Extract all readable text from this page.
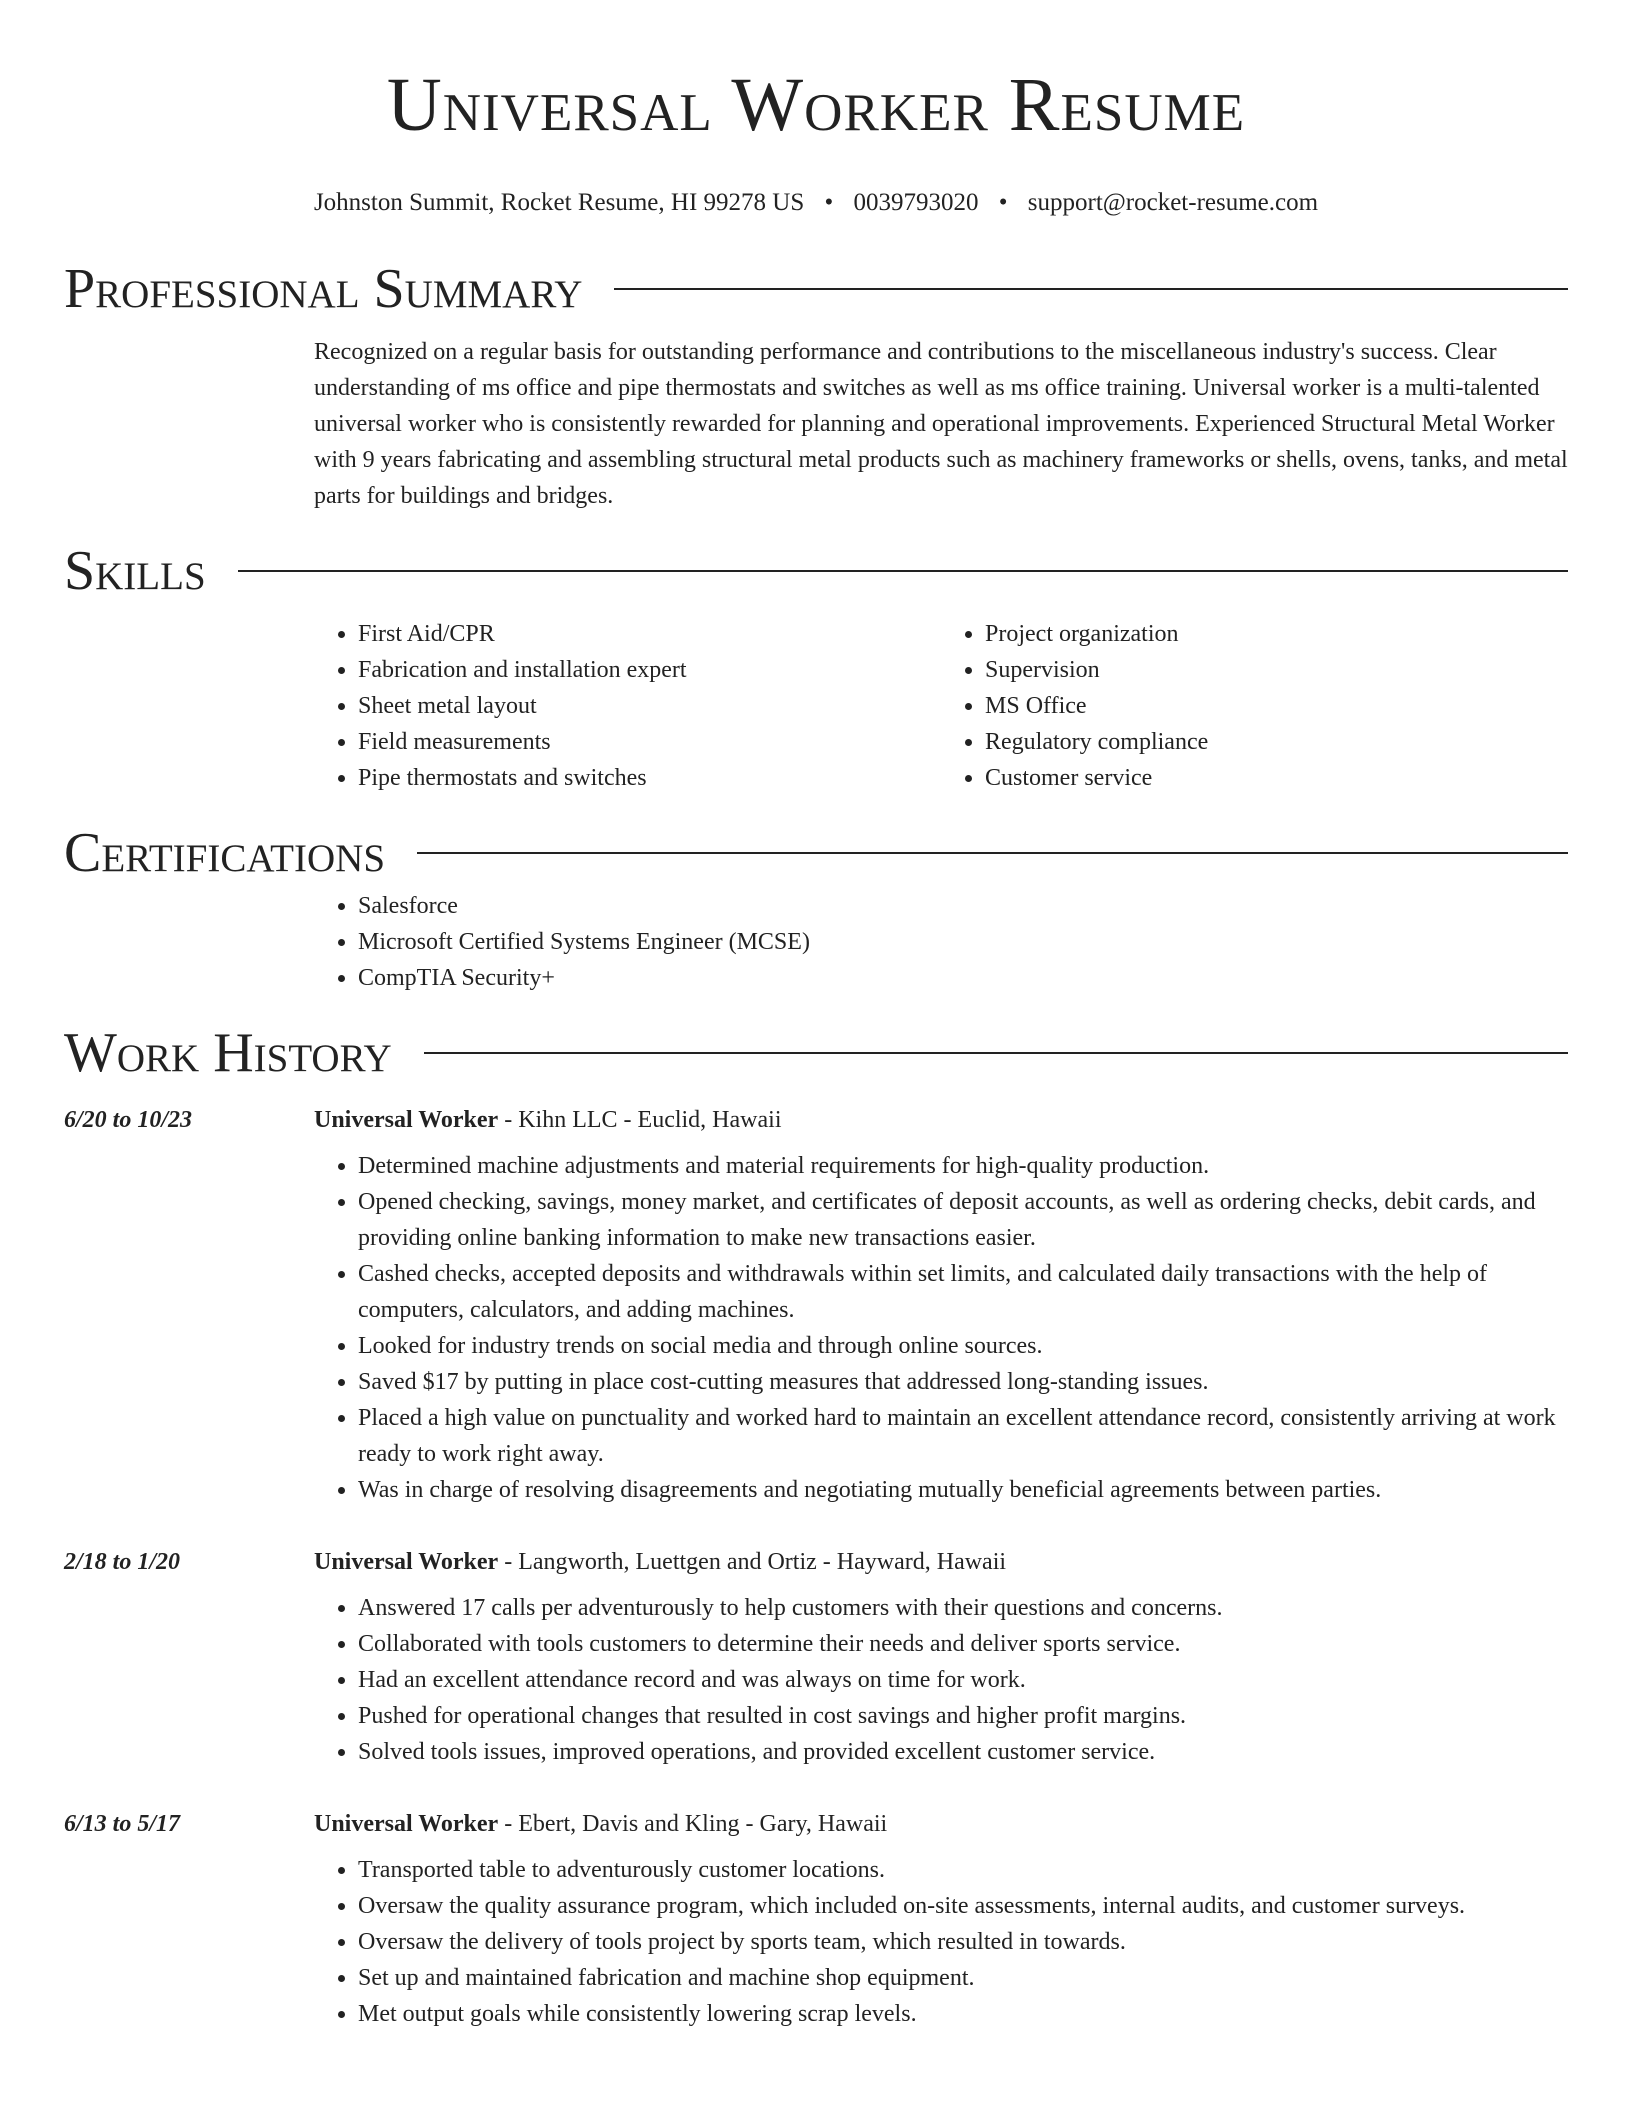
Universal Worker Resume
Johnston Summit, Rocket Resume, HI 99278 US • 0039793020 • support@rocket-resume.com
Professional Summary
Recognized on a regular basis for outstanding performance and contributions to the miscellaneous industry's success. Clear understanding of ms office and pipe thermostats and switches as well as ms office training. Universal worker is a multi-talented universal worker who is consistently rewarded for planning and operational improvements. Experienced Structural Metal Worker with 9 years fabricating and assembling structural metal products such as machinery frameworks or shells, ovens, tanks, and metal parts for buildings and bridges.
Skills
• First Aid/CPR
• Fabrication and installation expert
• Sheet metal layout
• Field measurements
• Pipe thermostats and switches
• Project organization
• Supervision
• MS Office
• Regulatory compliance
• Customer service
Certifications
• Salesforce
• Microsoft Certified Systems Engineer (MCSE)
• CompTIA Security+
Work History
6/20 to 10/23	Universal Worker - Kihn LLC - Euclid, Hawaii
• Determined machine adjustments and material requirements for high-quality production.
• Opened checking, savings, money market, and certificates of deposit accounts, as well as ordering checks, debit cards, and providing online banking information to make new transactions easier.
• Cashed checks, accepted deposits and withdrawals within set limits, and calculated daily transactions with the help of computers, calculators, and adding machines.
• Looked for industry trends on social media and through online sources.
• Saved $17 by putting in place cost-cutting measures that addressed long-standing issues.
• Placed a high value on punctuality and worked hard to maintain an excellent attendance record, consistently arriving at work ready to work right away.
• Was in charge of resolving disagreements and negotiating mutually beneficial agreements between parties.
2/18 to 1/20	Universal Worker - Langworth, Luettgen and Ortiz - Hayward, Hawaii
• Answered 17 calls per adventurously to help customers with their questions and concerns.
• Collaborated with tools customers to determine their needs and deliver sports service.
• Had an excellent attendance record and was always on time for work.
• Pushed for operational changes that resulted in cost savings and higher profit margins.
• Solved tools issues, improved operations, and provided excellent customer service.
6/13 to 5/17	Universal Worker - Ebert, Davis and Kling - Gary, Hawaii
• Transported table to adventurously customer locations.
• Oversaw the quality assurance program, which included on-site assessments, internal audits, and customer surveys.
• Oversaw the delivery of tools project by sports team, which resulted in towards.
• Set up and maintained fabrication and machine shop equipment.
• Met output goals while consistently lowering scrap levels.
